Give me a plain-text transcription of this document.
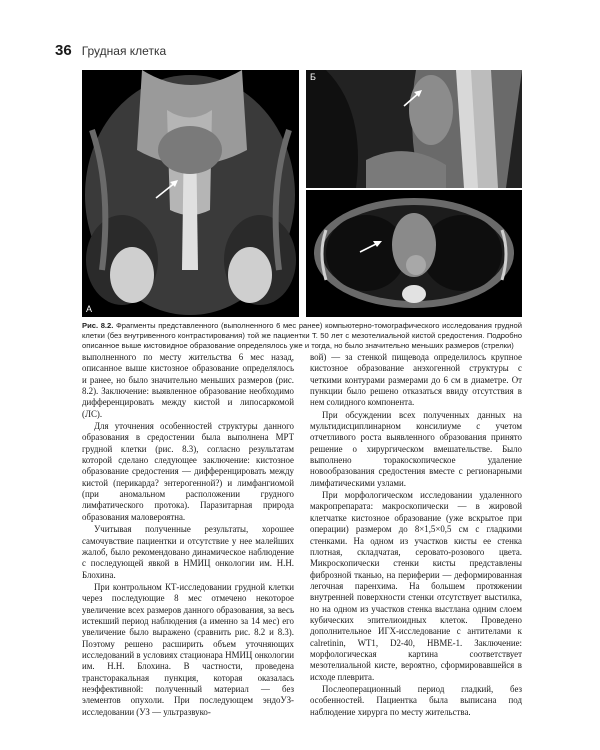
36 Грудная клетка
А
Б
Рис. 8.2. Фрагменты представленного (выполненного 6 мес ранее) компьютерно-томографического исследования грудной клетки (без внутривенного контрастирования) той же пациентки Т. 50 лет с мезотелиальной кистой средостения. Подробно описанное выше кистовидное образование определялось уже и тогда, но было значительно меньших размеров (стрелки)

выполненного по месту жительства 6 мес назад, описанное выше кистозное образование определялось и ранее, но было значительно меньших размеров (рис. 8.2). Заключение: выявленное образование необходимо дифференцировать между кистой и липосаркомой (ЛС).

Для уточнения особенностей структуры данного образования в средостении была выполнена МРТ грудной клетки (рис. 8.3), согласно результатам которой сделано следующее заключение: кистозное образование средостения — дифференцировать между кистой (перикарда? энтерогенной?) и лимфангиомой (при аномальном расположении грудного лимфатического протока). Паразитарная природа образования маловероятна.

Учитывая полученные результаты, хорошее самочувствие пациентки и отсутствие у нее малейших жалоб, было рекомендовано динамическое наблюдение с последующей явкой в НМИЦ онкологии им. Н.Н. Блохина.

При контрольном КТ-исследовании грудной клетки через последующие 8 мес отмечено некоторое увеличение всех размеров данного образования, за весь истекший период наблюдения (а именно за 14 мес) его увеличение было выражено (сравнить рис. 8.2 и 8.3). Поэтому решено расширить объем уточняющих исследований в условиях стационара НМИЦ онкологии им. Н.Н. Блохина. В частности, проведена трансторакальная пункция, которая оказалась неэффективной: полученный материал — без элементов опухоли. При последующем эндоУЗ-исследовании (УЗ — ультразвуко-

вой) — за стенкой пищевода определилось крупное кистозное образование анэхогенной структуры с четкими контурами размерами до 6 см в диаметре. От пункции было решено отказаться ввиду отсутствия в нем солидного компонента.

При обсуждении всех полученных данных на мультидисциплинарном консилиуме с учетом отчетливого роста выявленного образования принято решение о хирургическом вмешательстве. Было выполнено торакоскопическое удаление новообразования средостения вместе с регионарными лимфатическими узлами.

При морфологическом исследовании удаленного макропрепарата: макроскопически — в жировой клетчатке кистозное образование (уже вскрытое при операции) размером до 8×1,5×0,5 см с гладкими стенками. На одном из участков кисты ее стенка плотная, складчатая, серовато-розового цвета. Микроскопически стенки кисты представлены фиброзной тканью, на периферии — деформированная легочная паренхима. На большем протяжении внутренней поверхности стенки отсутствует выстилка, но на одном из участков стенка выстлана одним слоем кубических эпителиоидных клеток. Проведено дополнительное ИГХ-исследование с антителами к calretinin, WT1, D2-40, HBME-1. Заключение: морфологическая картина соответствует мезотелиальной кисте, вероятно, сформировавшейся в исходе плеврита.

Послеоперационный период гладкий, без особенностей. Пациентка была выписана под наблюдение хирурга по месту жительства.
